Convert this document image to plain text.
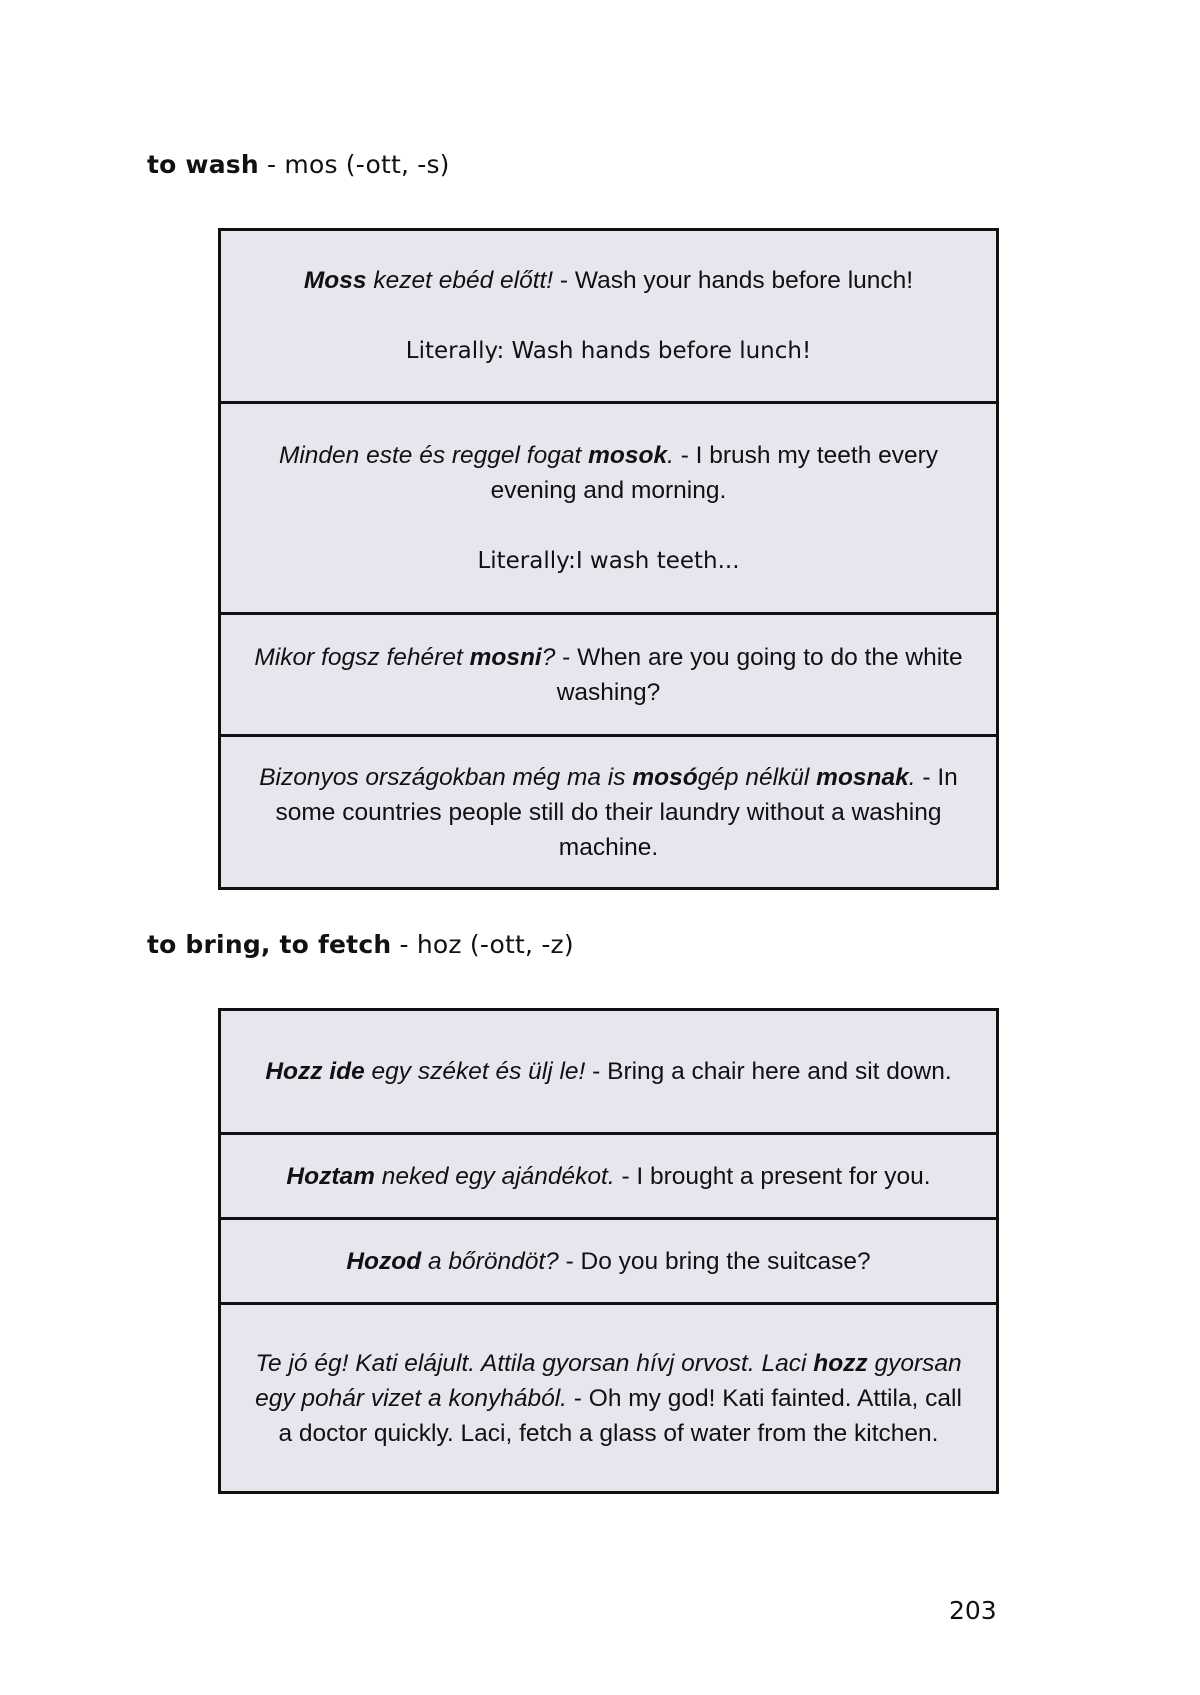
to wash - mos (-ott, -s)

Moss kezet ebéd előtt! - Wash your hands before lunch!

Literally: Wash hands before lunch!

Minden este és reggel fogat mosok. - I brush my teeth every evening and morning.

Literally:I wash teeth...

Mikor fogsz fehéret mosni? - When are you going to do the white washing?

Bizonyos országokban még ma is mosógép nélkül mosnak. - In some countries people still do their laundry without a washing machine.

to bring, to fetch - hoz (-ott, -z)

Hozz ide egy széket és ülj le! - Bring a chair here and sit down.

Hoztam neked egy ajándékot. - I brought a present for you.

Hozod a bőröndöt? - Do you bring the suitcase?

Te jó ég! Kati elájult. Attila gyorsan hívj orvost. Laci hozz gyorsan egy pohár vizet a konyhából. - Oh my god! Kati fainted. Attila, call a doctor quickly. Laci, fetch a glass of water from the kitchen.

203
